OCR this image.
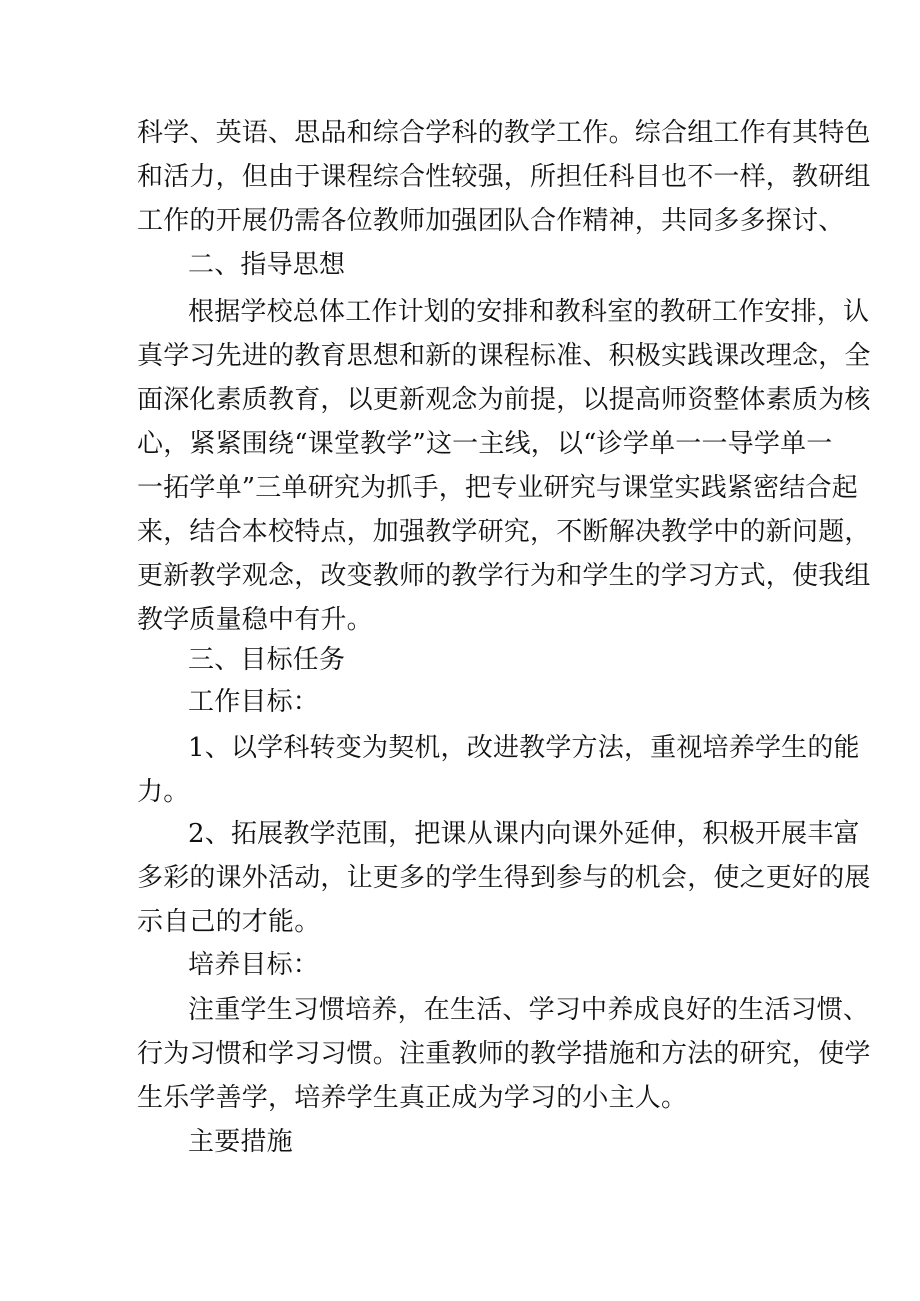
科学、英语、思品和综合学科的教学工作。综合组工作有其特色
和活力，但由于课程综合性较强，所担任科目也不一样，教研组
工作的开展仍需各位教师加强团队合作精神，共同多多探讨、
二、指导思想
根据学校总体工作计划的安排和教科室的教研工作安排，认
真学习先进的教育思想和新的课程标准、积极实践课改理念，全
面深化素质教育，以更新观念为前提，以提高师资整体素质为核
心，紧紧围绕“课堂教学”这一主线，以“诊学单一一导学单一
一拓学单”三单研究为抓手，把专业研究与课堂实践紧密结合起
来，结合本校特点，加强教学研究，不断解决教学中的新问题，
更新教学观念，改变教师的教学行为和学生的学习方式，使我组
教学质量稳中有升。
三、目标任务
工作目标：
1、以学科转变为契机，改进教学方法，重视培养学生的能
力。
2、拓展教学范围，把课从课内向课外延伸，积极开展丰富
多彩的课外活动，让更多的学生得到参与的机会，使之更好的展
示自己的才能。
培养目标：
注重学生习惯培养，在生活、学习中养成良好的生活习惯、
行为习惯和学习习惯。注重教师的教学措施和方法的研究，使学
生乐学善学，培养学生真正成为学习的小主人。
主要措施
